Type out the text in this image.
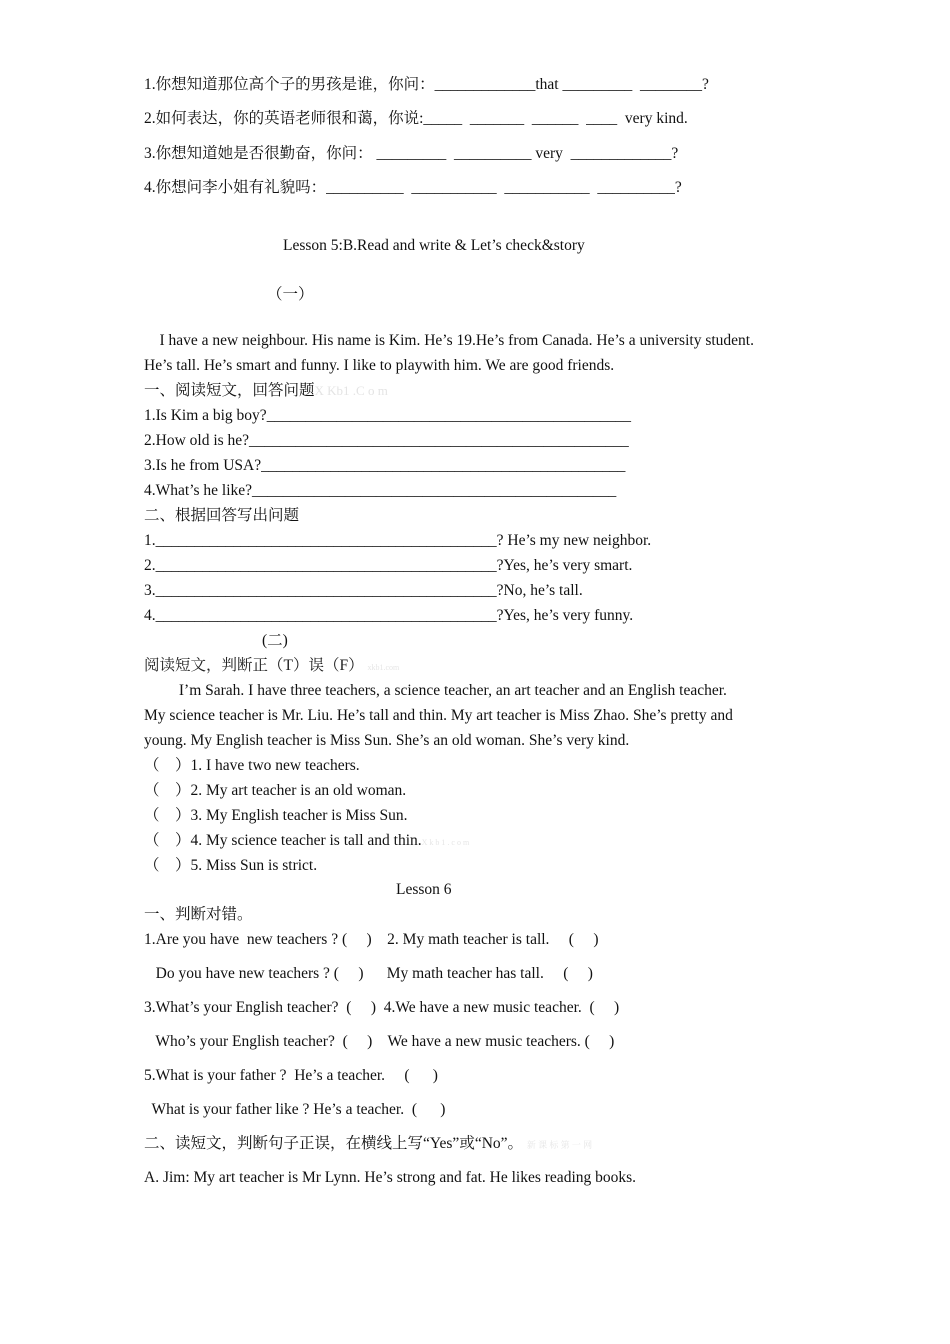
1.你想知道那位高个子的男孩是谁，你问：_____________that _________  ________?
2.如何表达，你的英语老师很和蔼，你说:_____  _______  ______  ____  very kind.
3.你想知道她是否很勤奋，你问： _________  __________ very  _____________?
4.你想问李小姐有礼貌吗：__________  ___________  ___________  __________?
Lesson 5:B.Read and write & Let’s check&story
（一）
I have a new neighbour. His name is Kim. He’s 19.He’s from Canada. He’s a university student.
He’s tall. He’s smart and funny. I like to playwith him. We are good friends.
一、阅读短文，回答问题X Kb1 .C o m
1.Is Kim a big boy?_______________________________________________
2.How old is he?_________________________________________________
3.Is he from USA?_______________________________________________
4.What’s he like?_______________________________________________
二、根据回答写出问题
1.____________________________________________? He’s my new neighbor.
2.____________________________________________?Yes, he’s very smart.
3.____________________________________________?No, he’s tall.
4.____________________________________________?Yes, he’s very funny.
(二)
阅读短文，判断正（T）误（F） xkb1.com
I’m Sarah. I have three teachers, a science teacher, an art teacher and an English teacher.
My science teacher is Mr. Liu. He’s tall and thin. My art teacher is Miss Zhao. She’s pretty and
young. My English teacher is Miss Sun. She’s an old woman. She’s very kind.
（    ）1. I have two new teachers.
（    ）2. My art teacher is an old woman.
（    ）3. My English teacher is Miss Sun.
（    ）4. My science teacher is tall and thin.X k b 1 . c o m
（    ）5. Miss Sun is strict.
Lesson 6
一、判断对错。
1.Are you have  new teachers ? (     )    2. My math teacher is tall.     (     )
Do you have new teachers ? (     )      My math teacher has tall.     (     )
3.What’s your English teacher?  (     )  4.We have a new music teacher.  (     )
Who’s your English teacher?  (     )    We have a new music teachers. (     )
5.What is your father ?  He’s a teacher.     (      )
What is your father like ? He’s a teacher.  (      )
二、读短文，判断句子正误，在横线上写“Yes”或“No”。 新 课 标 第 一 网
A. Jim: My art teacher is Mr Lynn. He’s strong and fat. He likes reading books.
